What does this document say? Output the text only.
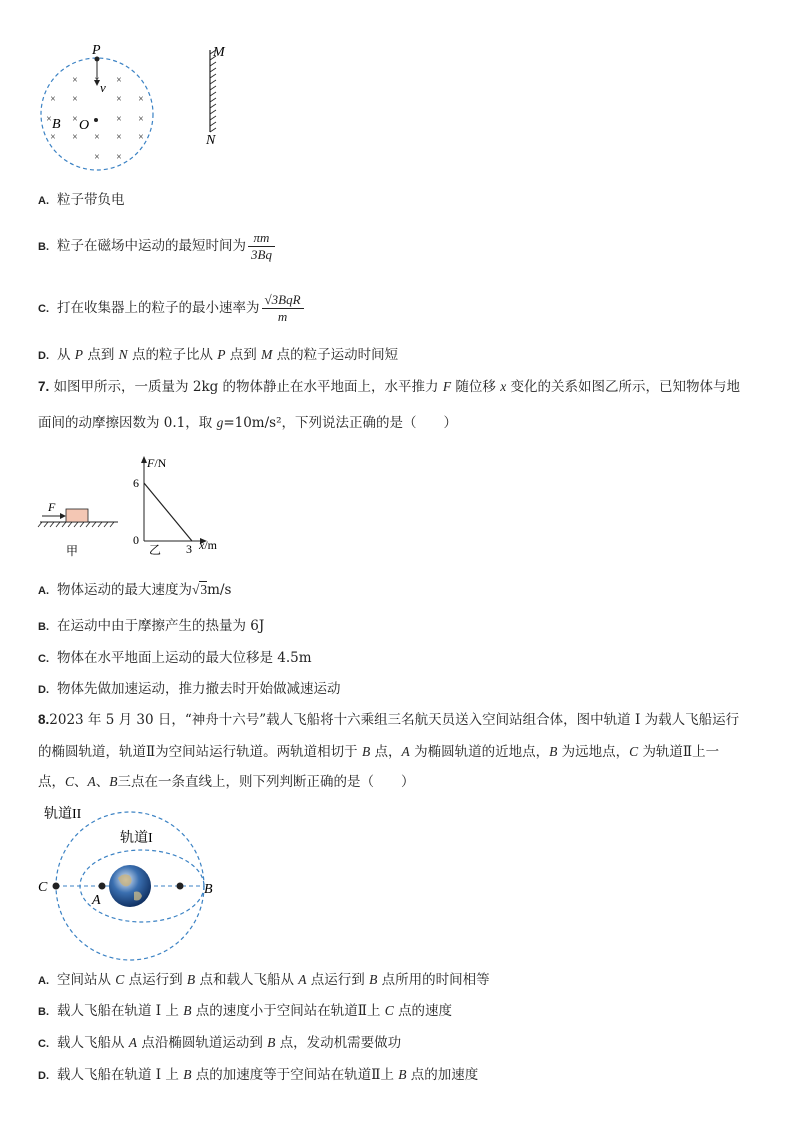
×	×
× ×	× ×
× ×	× ×
× × × × ×
× ×
P
v
B O
M
N
A. 粒子带负电
B. 粒子在磁场中运动的最短时间为 $\frac{\pi m}{3Bq}$
C. 打在收集器上的粒子的最小速率为 $\frac{\text{√3BqR}}{m}$
D. 从 P 点到 N 点的粒子比从 P 点到 M 点的粒子运动时间短
7. 如图甲所示，一质量为 2kg 的物体静止在水平地面上，水平推力 F 随位移 x 变化的关系如图乙所示，已知物体与地
面间的动摩擦因数为 0.1，取 g=10m/s²，下列说法正确的是（　　）
F
甲
F/N
6
0
3 x/m
乙
A. 物体运动的最大速度为√3m/s
B. 在运动中由于摩擦产生的热量为 6J
C. 物体在水平地面上运动的最大位移是 4.5m
D. 物体先做加速运动，推力撤去时开始做减速运动
8.2023 年 5 月 30 日，“神舟十六号”载人飞船将十六乘组三名航天员送入空间站组合体，图中轨道 I 为载人飞船运行
的椭圆轨道，轨道Ⅱ为空间站运行轨道。两轨道相切于 B 点，A 为椭圆轨道的近地点，B 为远地点，C 为轨道Ⅱ上一
点，C、A、B三点在一条直线上，则下列判断正确的是（　　）
轨道II
轨道I
C
A
B
A. 空间站从 C 点运行到 B 点和载人飞船从 A 点运行到 B 点所用的时间相等
B. 载人飞船在轨道 I 上 B 点的速度小于空间站在轨道Ⅱ上 C 点的速度
C. 载人飞船从 A 点沿椭圆轨道运动到 B 点，发动机需要做功
D. 载人飞船在轨道 I 上 B 点的加速度等于空间站在轨道Ⅱ上 B 点的加速度
